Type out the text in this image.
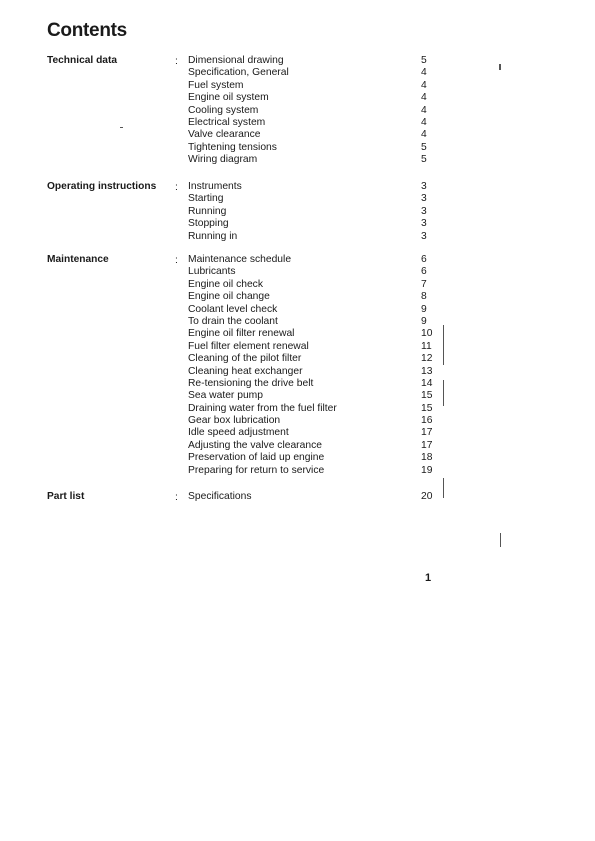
Contents
Technical data	: Dimensional drawing	5
Specification, General	4
Fuel system	4
Engine oil system	4
Cooling system	4
Electrical system	4
Valve clearance	4
Tightening tensions	5
Wiring diagram	5
Operating instructions : Instruments	3
Starting	3
Running	3
Stopping	3
Running in	3
Maintenance	: Maintenance schedule	6
Lubricants	6
Engine oil check	7
Engine oil change	8
Coolant level check	9
To drain the coolant	9
Engine oil filter renewal	10
Fuel filter element renewal	11
Cleaning of the pilot filter	12
Cleaning heat exchanger	13
Re-tensioning the drive belt	14
Sea water pump	15
Draining water from the fuel filter	15
Gear box lubrication	16
Idle speed adjustment	17
Adjusting the valve clearance	17
Preservation of laid up engine	18
Preparing for return to service	19
Part list	: Specifications	20
1
